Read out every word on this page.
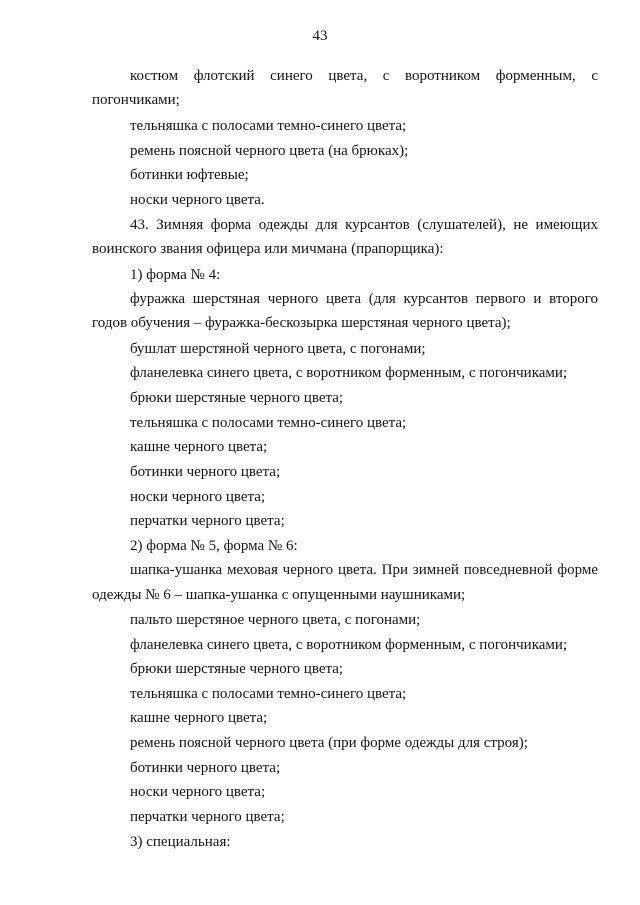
43
костюм флотский синего цвета, с воротником форменным, с
погончиками;
тельняшка с полосами темно-синего цвета;
ремень поясной черного цвета (на брюках);
ботинки юфтевые;
носки черного цвета.
43. Зимняя форма одежды для курсантов (слушателей), не имеющих
воинского звания офицера или мичмана (прапорщика):
1) форма № 4:
фуражка шерстяная черного цвета (для курсантов первого и второго
годов обучения – фуражка-бескозырка шерстяная черного цвета);
бушлат шерстяной черного цвета, с погонами;
фланелевка синего цвета, с воротником форменным, с погончиками;
брюки шерстяные черного цвета;
тельняшка с полосами темно-синего цвета;
кашне черного цвета;
ботинки черного цвета;
носки черного цвета;
перчатки черного цвета;
2) форма № 5, форма № 6:
шапка-ушанка меховая черного цвета. При зимней повседневной форме
одежды № 6 – шапка-ушанка с опущенными наушниками;
пальто шерстяное черного цвета, с погонами;
фланелевка синего цвета, с воротником форменным, с погончиками;
брюки шерстяные черного цвета;
тельняшка с полосами темно-синего цвета;
кашне черного цвета;
ремень поясной черного цвета (при форме одежды для строя);
ботинки черного цвета;
носки черного цвета;
перчатки черного цвета;
3) специальная:
